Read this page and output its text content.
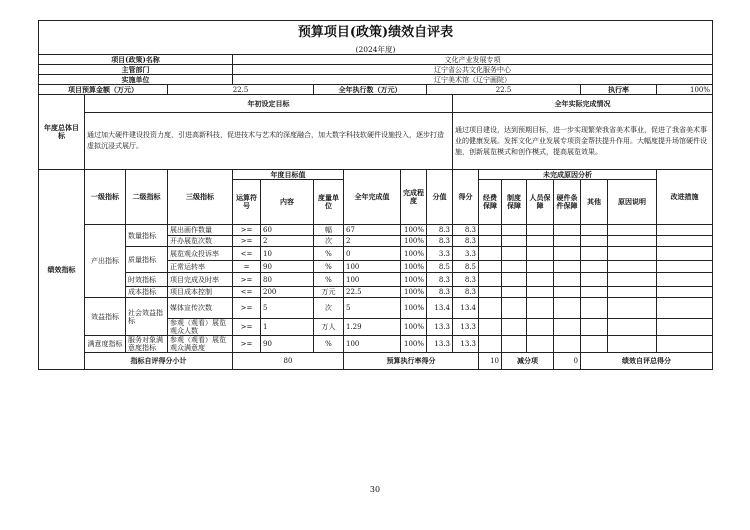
预算项目(政策)绩效自评表																		
(2024年度)																		
项目(政策)名称				文化产业发展专项														
主管部门				辽宁省公共文化服务中心														
实施单位				辽宁美术馆（辽宁画院）														
项目预算金额（万元）			22.5			全年执行数（万元）			22.5						执行率		100%	
年度总体目标	年初设定目标									全年实际完成情况								
	通过加大硬件建设投资力度，引进高新科技，促进技术与艺术的深度融合，加大数字科技软硬件设施投入，逐步打造虚拟沉浸式展厅。									通过项目建设，达到预期目标，进一步实现繁荣我省美术事业，促进了我省美术事业的健康发展。发挥文化产业发展专项资金帮扶提升作用。大幅度提升场馆硬件设施，创新展览模式和创作模式，提高展览效果。								
绩效指标	一级指标	二级指标	三级指标	年度目标值			全年完成值	完成程度	分值	得分	未完成原因分析						改进措施	
				运算符号	内容	度量单位					经费保障	制度保障	人员保障	硬件条件保障	其他	原因说明		
	产出指标	数量指标	展出画作数量	>=	60	幅	67	100%	8.3	8.3								
			开办展览次数	>=	2	次	2	100%	8.3	8.3								
		质量指标	展览观众投诉率	<=	10	%	0	100%	3.3	3.3								
			正常运转率	=	90	%	100	100%	8.5	8.5								
		时效指标	项目完成及时率	>=	80	%	100	100%	8.3	8.3								
		成本指标	项目成本控制	<=	200	万元	22.5	100%	8.3	8.3								
	效益指标	社会效益指标	媒体宣传次数	>=	5	次	5	100%	13.4	13.4								
			参观（观看）展览观众人数	>=	1	万人	1.29	100%	13.3	13.3								
	满意度指标	服务对象满意度指标	参观（观看）展览观众满意度	>=	90	%	100	100%	13.3	13.3								
	指标自评得分小计			80			预算执行率得分				10	减分项		0	绩效自评总得分	
30
